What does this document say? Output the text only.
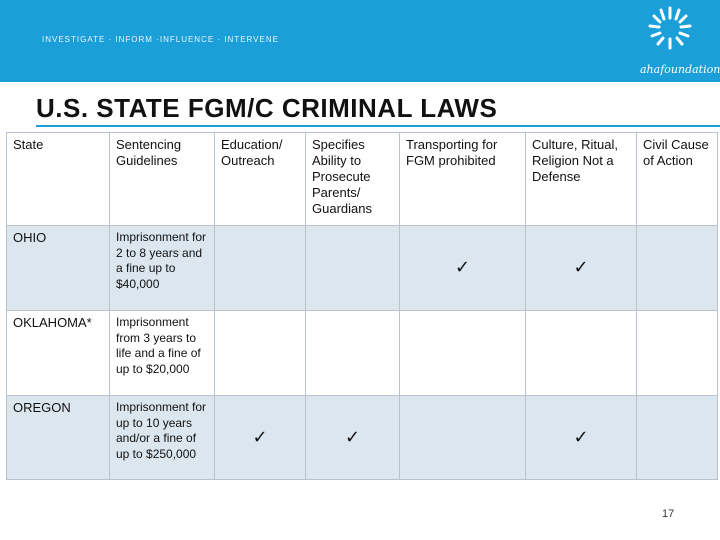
INVESTIGATE · INFORM ·INFLUENCE · INTERVENE
ahafoundation
U.S. STATE FGM/C CRIMINAL LAWS
State	Sentencing Guidelines	Education/ Outreach	Specifies Ability to Prosecute Parents/ Guardians	Transporting for FGM prohibited	Culture, Ritual, Religion Not a Defense	Civil Cause of Action
OHIO	Imprisonment for 2 to 8 years and a fine up to $40,000			✓	✓	
OKLAHOMA*	Imprisonment from 3 years to life and a fine of up to $20,000					
OREGON	Imprisonment for up to 10 years and/or a fine of up to $250,000	✓	✓		✓	
17
